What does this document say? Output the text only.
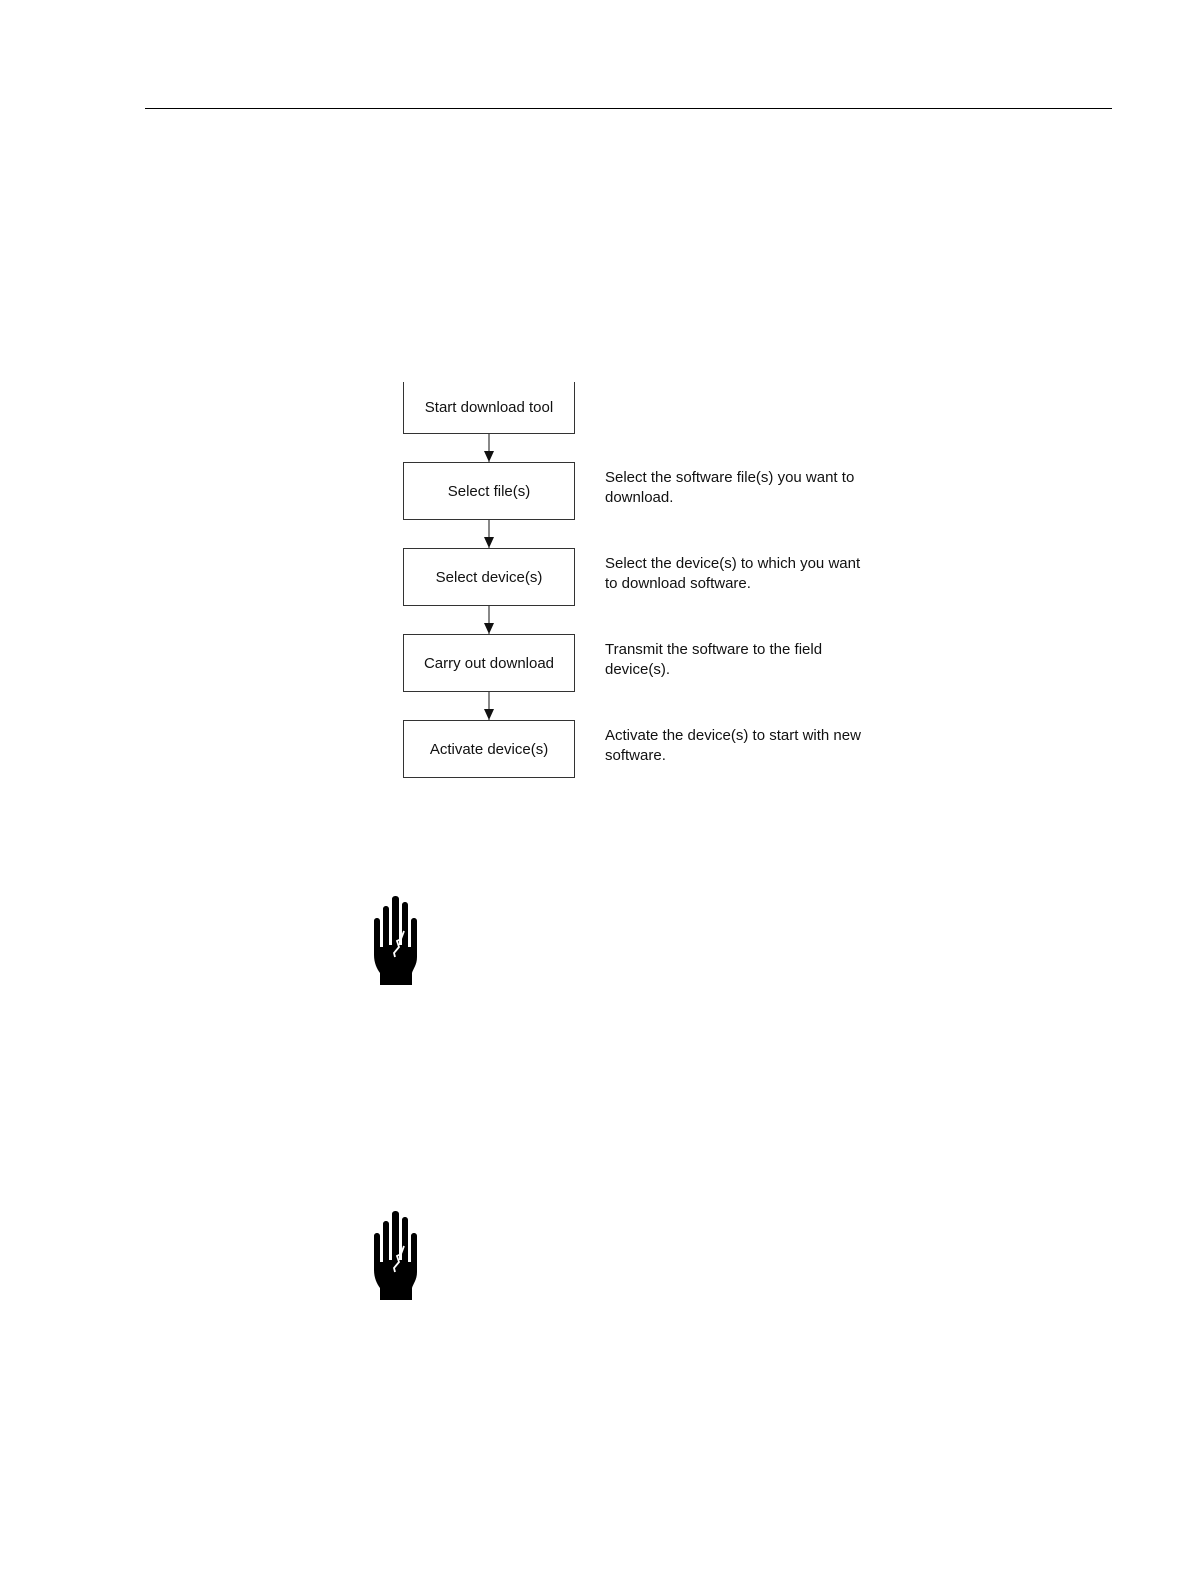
Start download tool
Select file(s)
Select the software file(s) you want to download.
Select device(s)
Select the device(s) to which you want to download software.
Carry out download
Transmit the software to the field device(s).
Activate device(s)
Activate the device(s) to start with new software.
